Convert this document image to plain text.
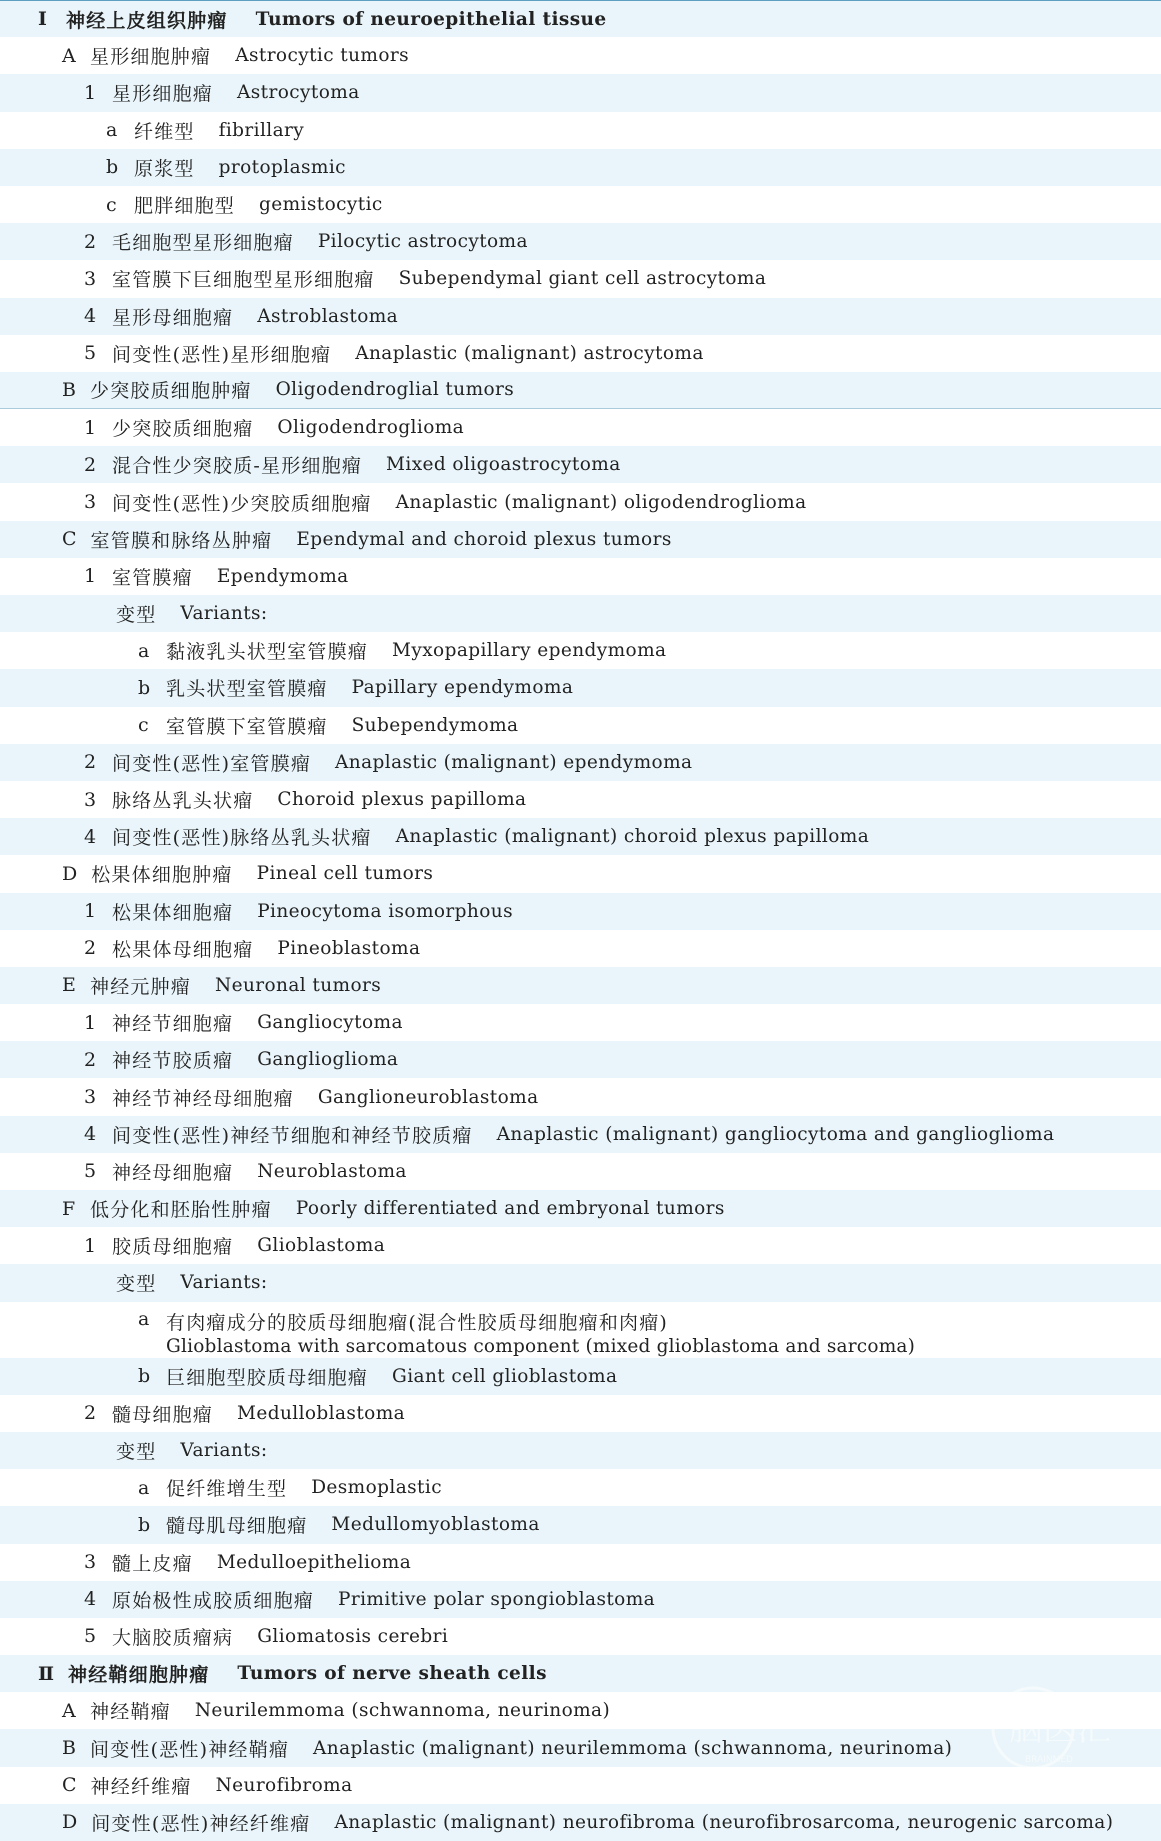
Ⅰ 神经上皮组织肿瘤 Tumors of neuroepithelial tissue
A 星形细胞肿瘤 Astrocytic tumors
1 星形细胞瘤 Astrocytoma
a 纤维型 fibrillary
b 原浆型 protoplasmic
c 肥胖细胞型 gemistocytic
2 毛细胞型星形细胞瘤 Pilocytic astrocytoma
3 室管膜下巨细胞型星形细胞瘤 Subependymal giant cell astrocytoma
4 星形母细胞瘤 Astroblastoma
5 间变性(恶性)星形细胞瘤 Anaplastic (malignant) astrocytoma
B 少突胶质细胞肿瘤 Oligodendroglial tumors
1 少突胶质细胞瘤 Oligodendroglioma
2 混合性少突胶质-星形细胞瘤 Mixed oligoastrocytoma
3 间变性(恶性)少突胶质细胞瘤 Anaplastic (malignant) oligodendroglioma
C 室管膜和脉络丛肿瘤 Ependymal and choroid plexus tumors
1 室管膜瘤 Ependymoma
变型 Variants:
a 黏液乳头状型室管膜瘤 Myxopapillary ependymoma
b 乳头状型室管膜瘤 Papillary ependymoma
c 室管膜下室管膜瘤 Subependymoma
2 间变性(恶性)室管膜瘤 Anaplastic (malignant) ependymoma
3 脉络丛乳头状瘤 Choroid plexus papilloma
4 间变性(恶性)脉络丛乳头状瘤 Anaplastic (malignant) choroid plexus papilloma
D 松果体细胞肿瘤 Pineal cell tumors
1 松果体细胞瘤 Pineocytoma isomorphous
2 松果体母细胞瘤 Pineoblastoma
E 神经元肿瘤 Neuronal tumors
1 神经节细胞瘤 Gangliocytoma
2 神经节胶质瘤 Ganglioglioma
3 神经节神经母细胞瘤 Ganglioneuroblastoma
4 间变性(恶性)神经节细胞和神经节胶质瘤 Anaplastic (malignant) gangliocytoma and ganglioglioma
5 神经母细胞瘤 Neuroblastoma
F 低分化和胚胎性肿瘤 Poorly differentiated and embryonal tumors
1 胶质母细胞瘤 Glioblastoma
变型 Variants:
a 有肉瘤成分的胶质母细胞瘤(混合性胶质母细胞瘤和肉瘤)
Glioblastoma with sarcomatous component (mixed glioblastoma and sarcoma)
b 巨细胞型胶质母细胞瘤 Giant cell glioblastoma
2 髓母细胞瘤 Medulloblastoma
变型 Variants:
a 促纤维增生型 Desmoplastic
b 髓母肌母细胞瘤 Medullomyoblastoma
3 髓上皮瘤 Medulloepithelioma
4 原始极性成胶质细胞瘤 Primitive polar spongioblastoma
5 大脑胶质瘤病 Gliomatosis cerebri
Ⅱ 神经鞘细胞肿瘤 Tumors of nerve sheath cells
A 神经鞘瘤 Neurilemmoma (schwannoma, neurinoma)
B 间变性(恶性)神经鞘瘤 Anaplastic (malignant) neurilemmoma (schwannoma, neurinoma)
C 神经纤维瘤 Neurofibroma
D 间变性(恶性)神经纤维瘤 Anaplastic (malignant) neurofibroma (neurofibrosarcoma, neurogenic sarcoma)
脑医汇
BRAINMED
